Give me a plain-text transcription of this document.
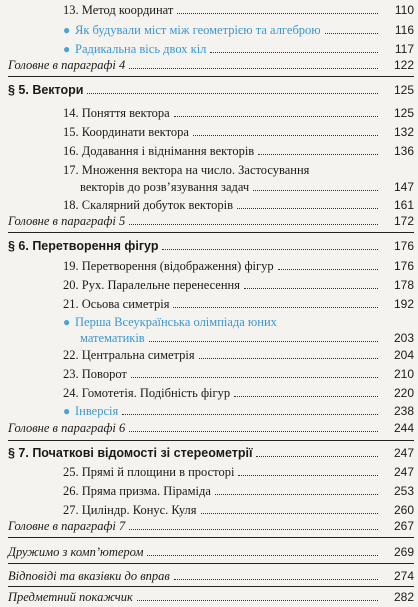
13. Метод координат	110
● Як будували міст між геометрією та алгеброю	116
● Радикальна вісь двох кіл	117
Головне в параграфі 4	122
§ 5. Вектори	125
14. Поняття вектора	125
15. Координати вектора	132
16. Додавання і віднімання векторів	136
17. Множення вектора на число. Застосування
векторів до розв’язування задач	147
18. Скалярний добуток векторів	161
Головне в параграфі 5	172
§ 6. Перетворення фігур	176
19. Перетворення (відображення) фігур	176
20. Рух. Паралельне перенесення	178
21. Осьова симетрія	192
● Перша Всеукраїнська олімпіада юних
математиків	203
22. Центральна симетрія	204
23. Поворот	210
24. Гомотетія. Подібність фігур	220
● Інверсія	238
Головне в параграфі 6	244
§ 7. Початкові відомості зі стереометрії	247
25. Прямі й площини в просторі	247
26. Пряма призма. Піраміда	253
27. Циліндр. Конус. Куля	260
Головне в параграфі 7	267
Дружимо з комп’ютером	269
Відповіді та вказівки до вправ	274
Предметний покажчик	282
